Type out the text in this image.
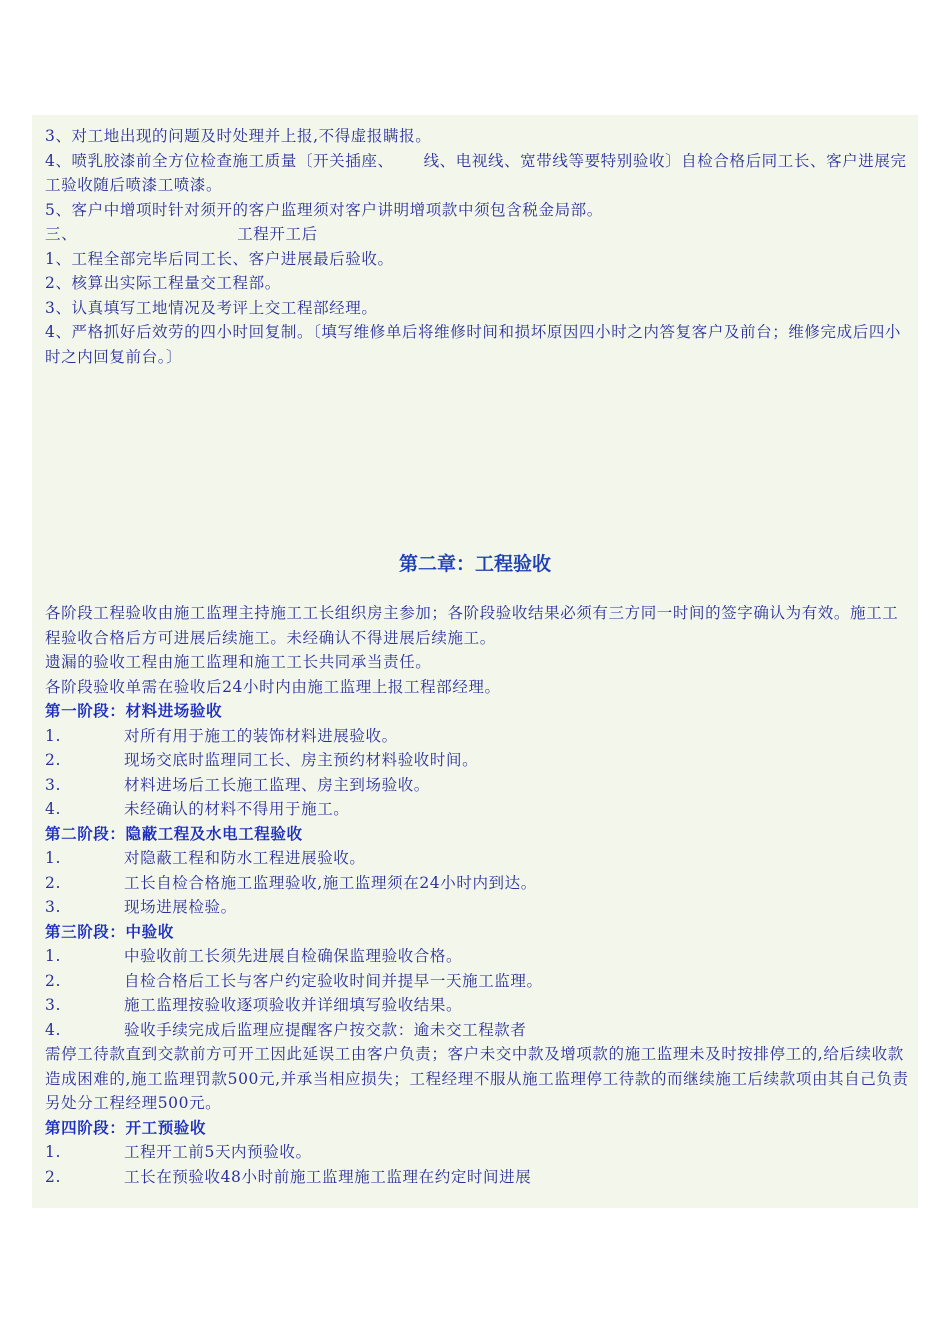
3、对工地出现的问题及时处理并上报,不得虚报瞒报。
4、喷乳胶漆前全方位检查施工质量〔开关插座、 线、电视线、宽带线等要特别验收〕自检合格后同工长、客户进展完工验收随后喷漆工喷漆。
5、客户中增项时针对须开的客户监理须对客户讲明增项款中须包含税金局部。
三、	工程开工后
1、工程全部完毕后同工长、客户进展最后验收。
2、核算出实际工程量交工程部。
3、认真填写工地情况及考评上交工程部经理。
4、严格抓好后效劳的四小时回复制。〔填写维修单后将维修时间和损坏原因四小时之内答复客户及前台；维修完成后四小时之内回复前台。〕
第二章：工程验收
各阶段工程验收由施工监理主持施工工长组织房主参加；各阶段验收结果必须有三方同一时间的签字确认为有效。施工工程验收合格后方可进展后续施工。未经确认不得进展后续施工。
遗漏的验收工程由施工监理和施工工长共同承当责任。
各阶段验收单需在验收后24小时内由施工监理上报工程部经理。
第一阶段：材料进场验收
1.	对所有用于施工的装饰材料进展验收。
2.	现场交底时监理同工长、房主预约材料验收时间。
3.	材料进场后工长施工监理、房主到场验收。
4.	未经确认的材料不得用于施工。
第二阶段：隐蔽工程及水电工程验收
1.	对隐蔽工程和防水工程进展验收。
2.	工长自检合格施工监理验收,施工监理须在24小时内到达。
3.	现场进展检验。
第三阶段：中验收
1.	中验收前工长须先进展自检确保监理验收合格。
2.	自检合格后工长与客户约定验收时间并提早一天施工监理。
3.	施工监理按验收逐项验收并详细填写验收结果。
4.	验收手续完成后监理应提醒客户按交款：逾未交工程款者
需停工待款直到交款前方可开工因此延误工由客户负责；客户未交中款及增项款的施工监理未及时按排停工的,给后续收款造成困难的,施工监理罚款500元,并承当相应损失；工程经理不服从施工监理停工待款的而继续施工后续款项由其自己负责另处分工程经理500元。
第四阶段：开工预验收
1.	工程开工前5天内预验收。
2.	工长在预验收48小时前施工监理施工监理在约定时间进展
